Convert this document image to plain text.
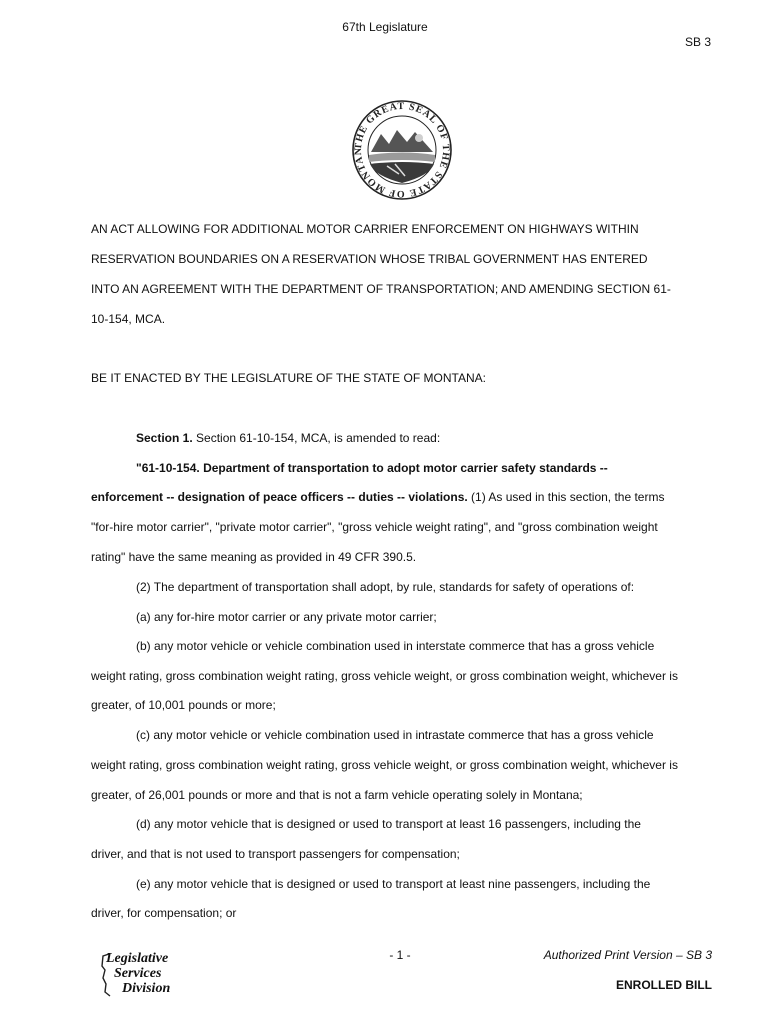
67th Legislature
SB 3
THE GREAT SEAL OF THE STATE OF MONTAN
AN ACT ALLOWING FOR ADDITIONAL MOTOR CARRIER ENFORCEMENT ON HIGHWAYS WITHIN
RESERVATION BOUNDARIES ON A RESERVATION WHOSE TRIBAL GOVERNMENT HAS ENTERED
INTO AN AGREEMENT WITH THE DEPARTMENT OF TRANSPORTATION; AND AMENDING SECTION 61-
10-154, MCA.
BE IT ENACTED BY THE LEGISLATURE OF THE STATE OF MONTANA:
Section 1. Section 61-10-154, MCA, is amended to read:
"61-10-154. Department of transportation to adopt motor carrier safety standards --
enforcement -- designation of peace officers -- duties -- violations. (1) As used in this section, the terms
"for-hire motor carrier", "private motor carrier", "gross vehicle weight rating", and "gross combination weight
rating" have the same meaning as provided in 49 CFR 390.5.
(2) The department of transportation shall adopt, by rule, standards for safety of operations of:
(a) any for-hire motor carrier or any private motor carrier;
(b) any motor vehicle or vehicle combination used in interstate commerce that has a gross vehicle
weight rating, gross combination weight rating, gross vehicle weight, or gross combination weight, whichever is
greater, of 10,001 pounds or more;
(c) any motor vehicle or vehicle combination used in intrastate commerce that has a gross vehicle
weight rating, gross combination weight rating, gross vehicle weight, or gross combination weight, whichever is
greater, of 26,001 pounds or more and that is not a farm vehicle operating solely in Montana;
(d) any motor vehicle that is designed or used to transport at least 16 passengers, including the
driver, and that is not used to transport passengers for compensation;
(e) any motor vehicle that is designed or used to transport at least nine passengers, including the
driver, for compensation; or
Legislative
Services
Division
- 1 -	Authorized Print Version – SB 3
ENROLLED BILL
